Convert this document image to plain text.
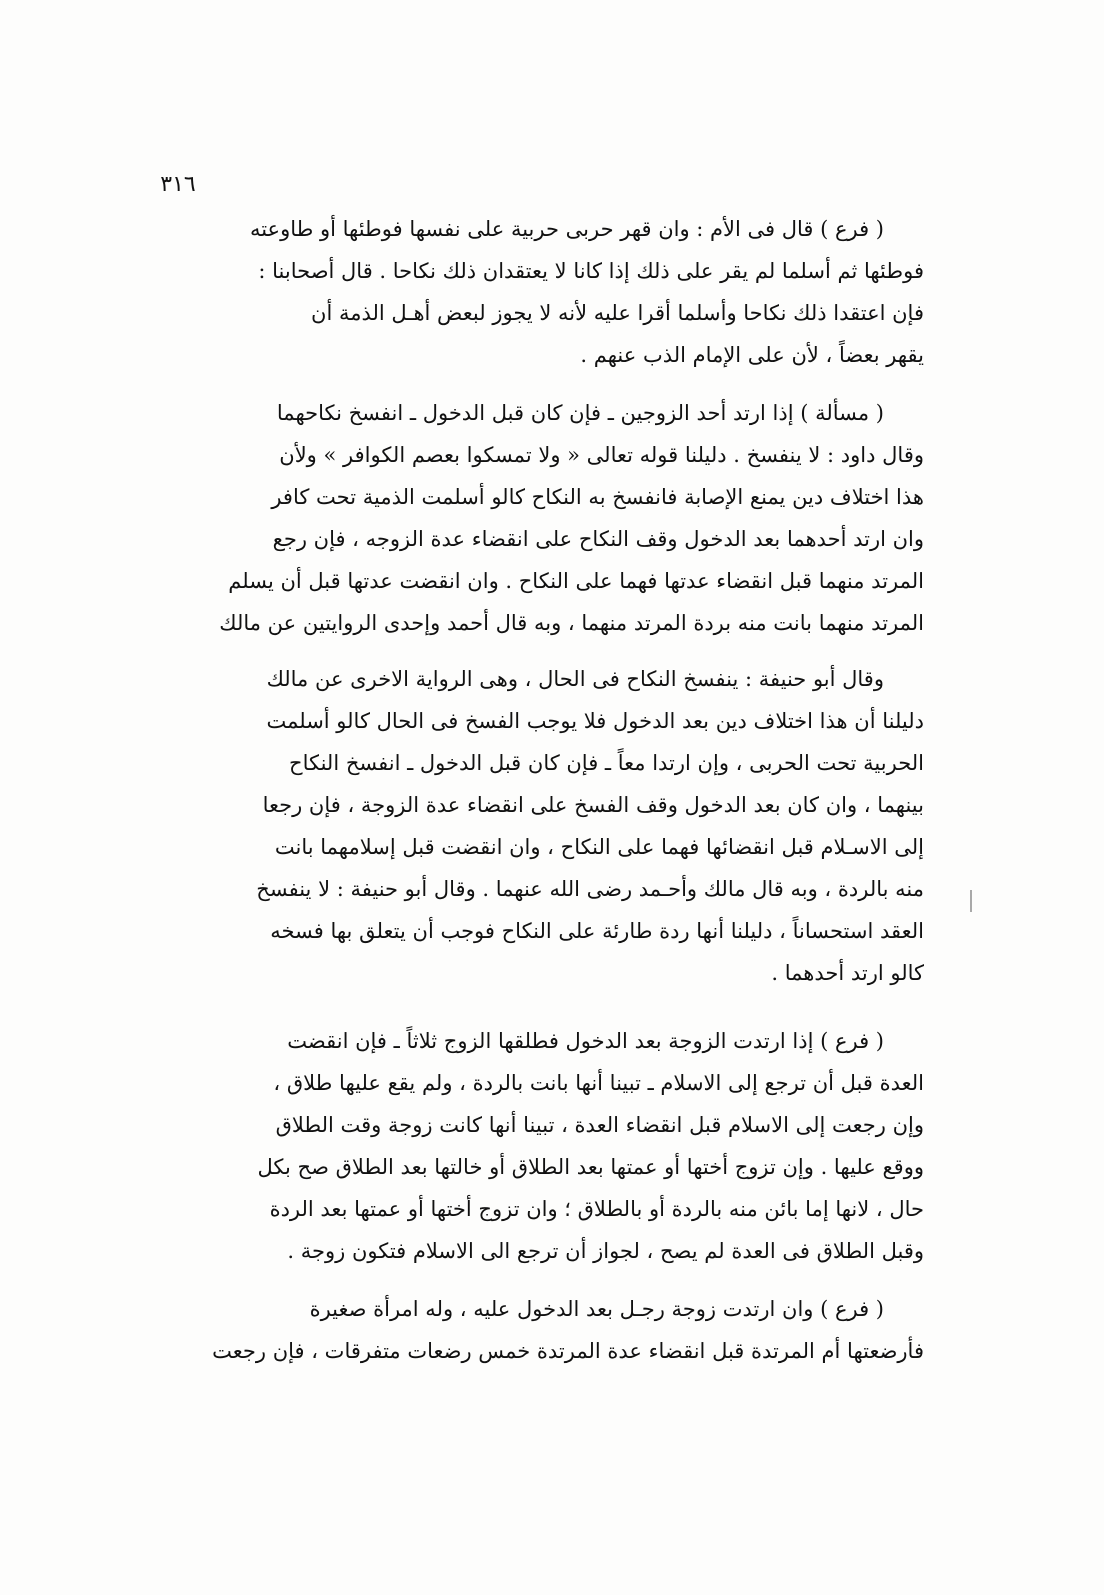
٣١٦
( فرع ) قال فى الأم : وان قهر حربى حربية على نفسها فوطئها أو طاوعته
فوطئها ثم أسلما لم يقر على ذلك إذا كانا لا يعتقدان ذلك نكاحا . قال أصحابنا :
فإن اعتقدا ذلك نكاحا وأسلما أقرا عليه لأنه لا يجوز لبعض أهـل الذمة أن
يقهر بعضاً ، لأن على الإمام الذب عنهم .
( مسألة ) إذا ارتد أحد الزوجين ـ فإن كان قبل الدخول ـ انفسخ نكاحهما
وقال داود : لا ينفسخ . دليلنا قوله تعالى « ولا تمسكوا بعصم الكوافر » ولأن
هذا اختلاف دين يمنع الإصابة فانفسخ به النكاح كالو أسلمت الذمية تحت كافر
وان ارتد أحدهما بعد الدخول وقف النكاح على انقضاء عدة الزوجه ، فإن رجع
المرتد منهما قبل انقضاء عدتها فهما على النكاح . وان انقضت عدتها قبل أن يسلم
المرتد منهما بانت منه بردة المرتد منهما ، وبه قال أحمد وإحدى الروايتين عن مالك
وقال أبو حنيفة : ينفسخ النكاح فى الحال ، وهى الرواية الاخرى عن مالك
دليلنا أن هذا اختلاف دين بعد الدخول فلا يوجب الفسخ فى الحال كالو أسلمت
الحربية تحت الحربى ، وإن ارتدا معاً ـ فإن كان قبل الدخول ـ انفسخ النكاح
بينهما ، وان كان بعد الدخول وقف الفسخ على انقضاء عدة الزوجة ، فإن رجعا
إلى الاسـلام قبل انقضائها فهما على النكاح ، وان انقضت قبل إسلامهما بانت
منه بالردة ، وبه قال مالك وأحـمد رضى الله عنهما . وقال أبو حنيفة : لا ينفسخ
العقد استحساناً ، دليلنا أنها ردة طارئة على النكاح فوجب أن يتعلق بها فسخه
كالو ارتد أحدهما .
( فرع ) إذا ارتدت الزوجة بعد الدخول فطلقها الزوج ثلاثاً ـ فإن انقضت
العدة قبل أن ترجع إلى الاسلام ـ تبينا أنها بانت بالردة ، ولم يقع عليها طلاق ،
وإن رجعت إلى الاسلام قبل انقضاء العدة ، تبينا أنها كانت زوجة وقت الطلاق
ووقع عليها . وإن تزوج أختها أو عمتها بعد الطلاق أو خالتها بعد الطلاق صح بكل
حال ، لانها إما بائن منه بالردة أو بالطلاق ؛ وان تزوج أختها أو عمتها بعد الردة
وقبل الطلاق فى العدة لم يصح ، لجواز أن ترجع الى الاسلام فتكون زوجة .
( فرع ) وان ارتدت زوجة رجـل بعد الدخول عليه ، وله امرأة صغيرة
فأرضعتها أم المرتدة قبل انقضاء عدة المرتدة خمس رضعات متفرقات ، فإن رجعت
